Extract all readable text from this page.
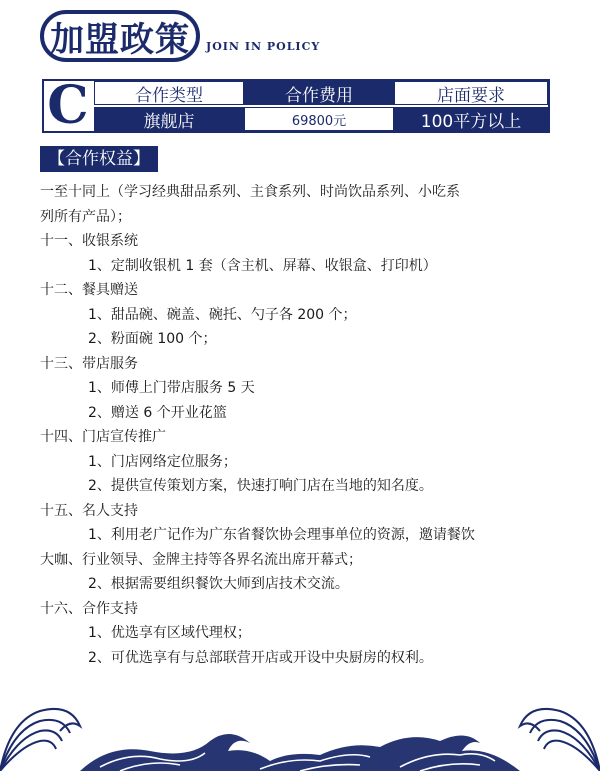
加盟政策 JOIN IN POLICY
C	合作类型	合作费用	店面要求
旗舰店	69800元	100平方以上
【合作权益】
一至十同上（学习经典甜品系列、主食系列、时尚饮品系列、小吃系
列所有产品）；
十一、收银系统
1、定制收银机 1 套（含主机、屏幕、收银盒、打印机）
十二、餐具赠送
1、甜品碗、碗盖、碗托、勺子各 200 个；
2、粉面碗 100 个；
十三、带店服务
1、师傅上门带店服务 5 天
2、赠送 6 个开业花篮
十四、门店宣传推广
1、门店网络定位服务；
2、提供宣传策划方案，快速打响门店在当地的知名度。
十五、名人支持
1、利用老广记作为广东省餐饮协会理事单位的资源，邀请餐饮
大咖、行业领导、金牌主持等各界名流出席开幕式；
2、根据需要组织餐饮大师到店技术交流。
十六、合作支持
1、优选享有区域代理权；
2、可优选享有与总部联营开店或开设中央厨房的权利。
